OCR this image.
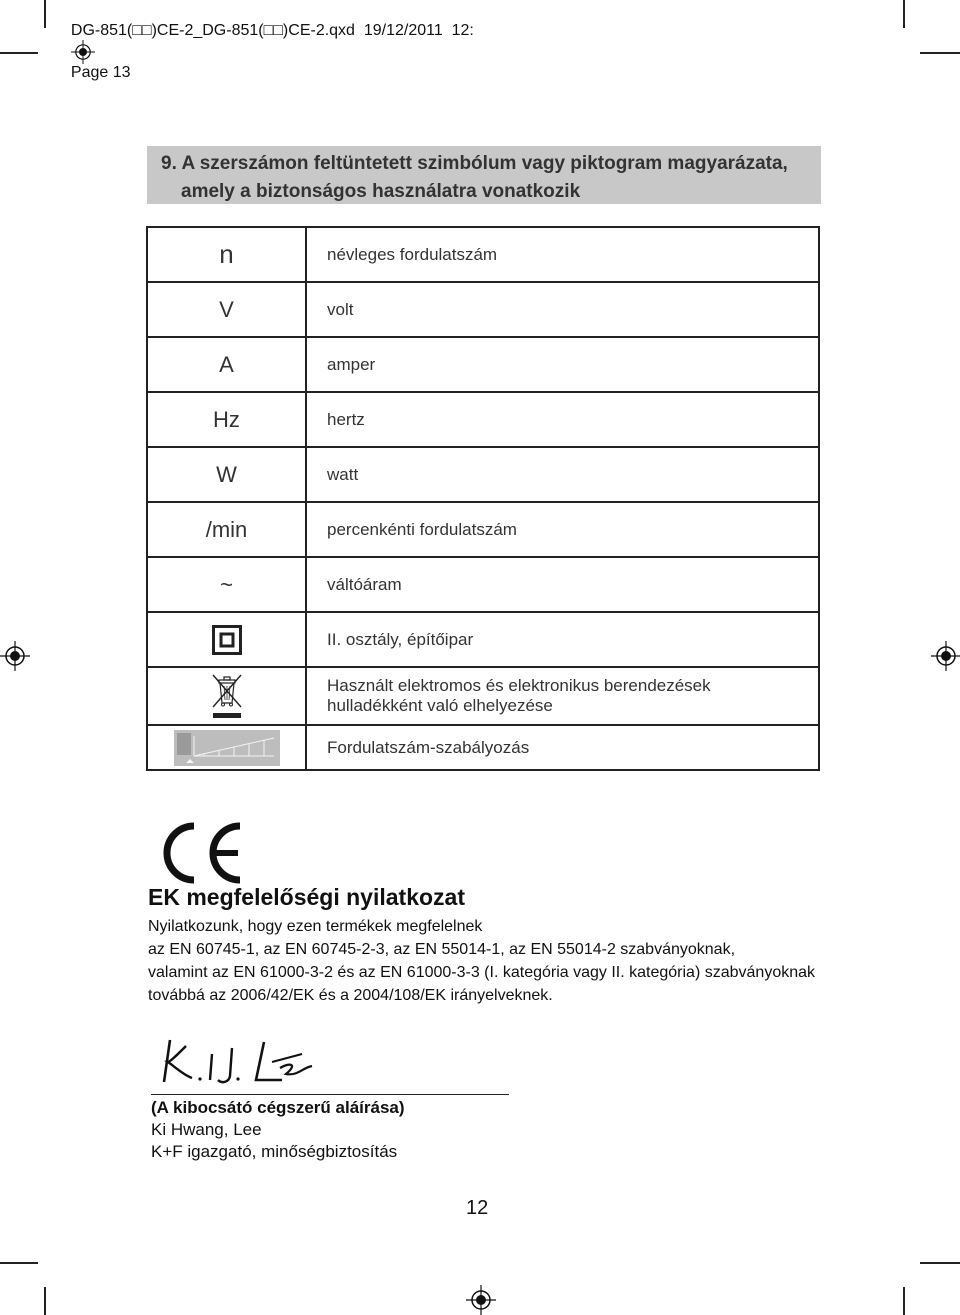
DG-851(□□)CE-2_DG-851(□□)CE-2.qxd  19/12/2011  12:

Page 13

9. A szerszámon feltüntetett szimbólum vagy piktogram magyarázata,
amely a biztonságos használatra vonatkozik
n	névleges fordulatszám
V	volt
A	amper
Hz	hertz
W	watt
/min	percenkénti fordulatszám
~	váltóáram
	II. osztály, építőipar
	Használt elektromos és elektronikus berendezések
hulladékként való elhelyezése
	Fordulatszám-szabályozás
EK megfelelőségi nyilatkozat
Nyilatkozunk, hogy ezen termékek megfelelnek
az EN 60745-1, az EN 60745-2-3, az EN 55014-1, az EN 55014-2 szabványoknak,
valamint az EN 61000-3-2 és az EN 61000-3-3 (I. kategória vagy II. kategória) szabványoknak
továbbá az 2006/42/EK és a 2004/108/EK irányelveknek.
(A kibocsátó cégszerű aláírása)
Ki Hwang, Lee
K+F igazgató, minőségbiztosítás
12
